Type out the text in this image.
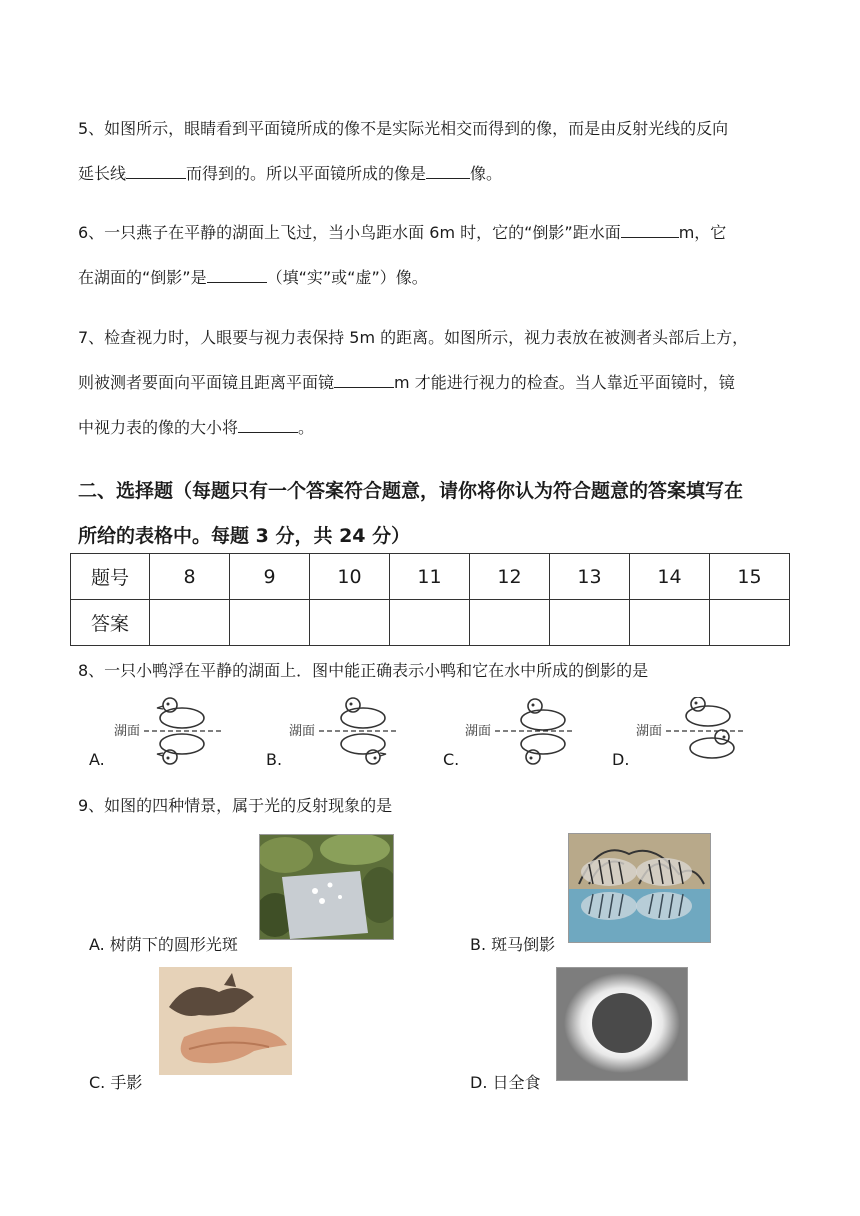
5、如图所示，眼睛看到平面镜所成的像不是实际光相交而得到的像，而是由反射光线的反向
延长线	而得到的。所以平面镜所成的像是	像。
6、一只燕子在平静的湖面上飞过，当小鸟距水面 6m 时，它的“倒影”距水面	m，它
在湖面的“倒影”是	（填“实”或“虚”）像。
7、检查视力时，人眼要与视力表保持 5m 的距离。如图所示，视力表放在被测者头部后上方，
则被测者要面向平面镜且距离平面镜	m 才能进行视力的检查。当人靠近平面镜时，镜
中视力表的像的大小将	。
二、选择题（每题只有一个答案符合题意，请你将你认为符合题意的答案填写在
所给的表格中。每题 3 分，共 24 分）
题号	8	9	10	11	12	13	14	15
答案								
8、一只小鸭浮在平静的湖面上．图中能正确表示小鸭和它在水中所成的倒影的是
湖面
A.
湖面
B.
湖面
C.
湖面
D.
9、如图的四种情景，属于光的反射现象的是
A. 树荫下的圆形光斑	B. 斑马倒影
C. 手影	D. 日全食
